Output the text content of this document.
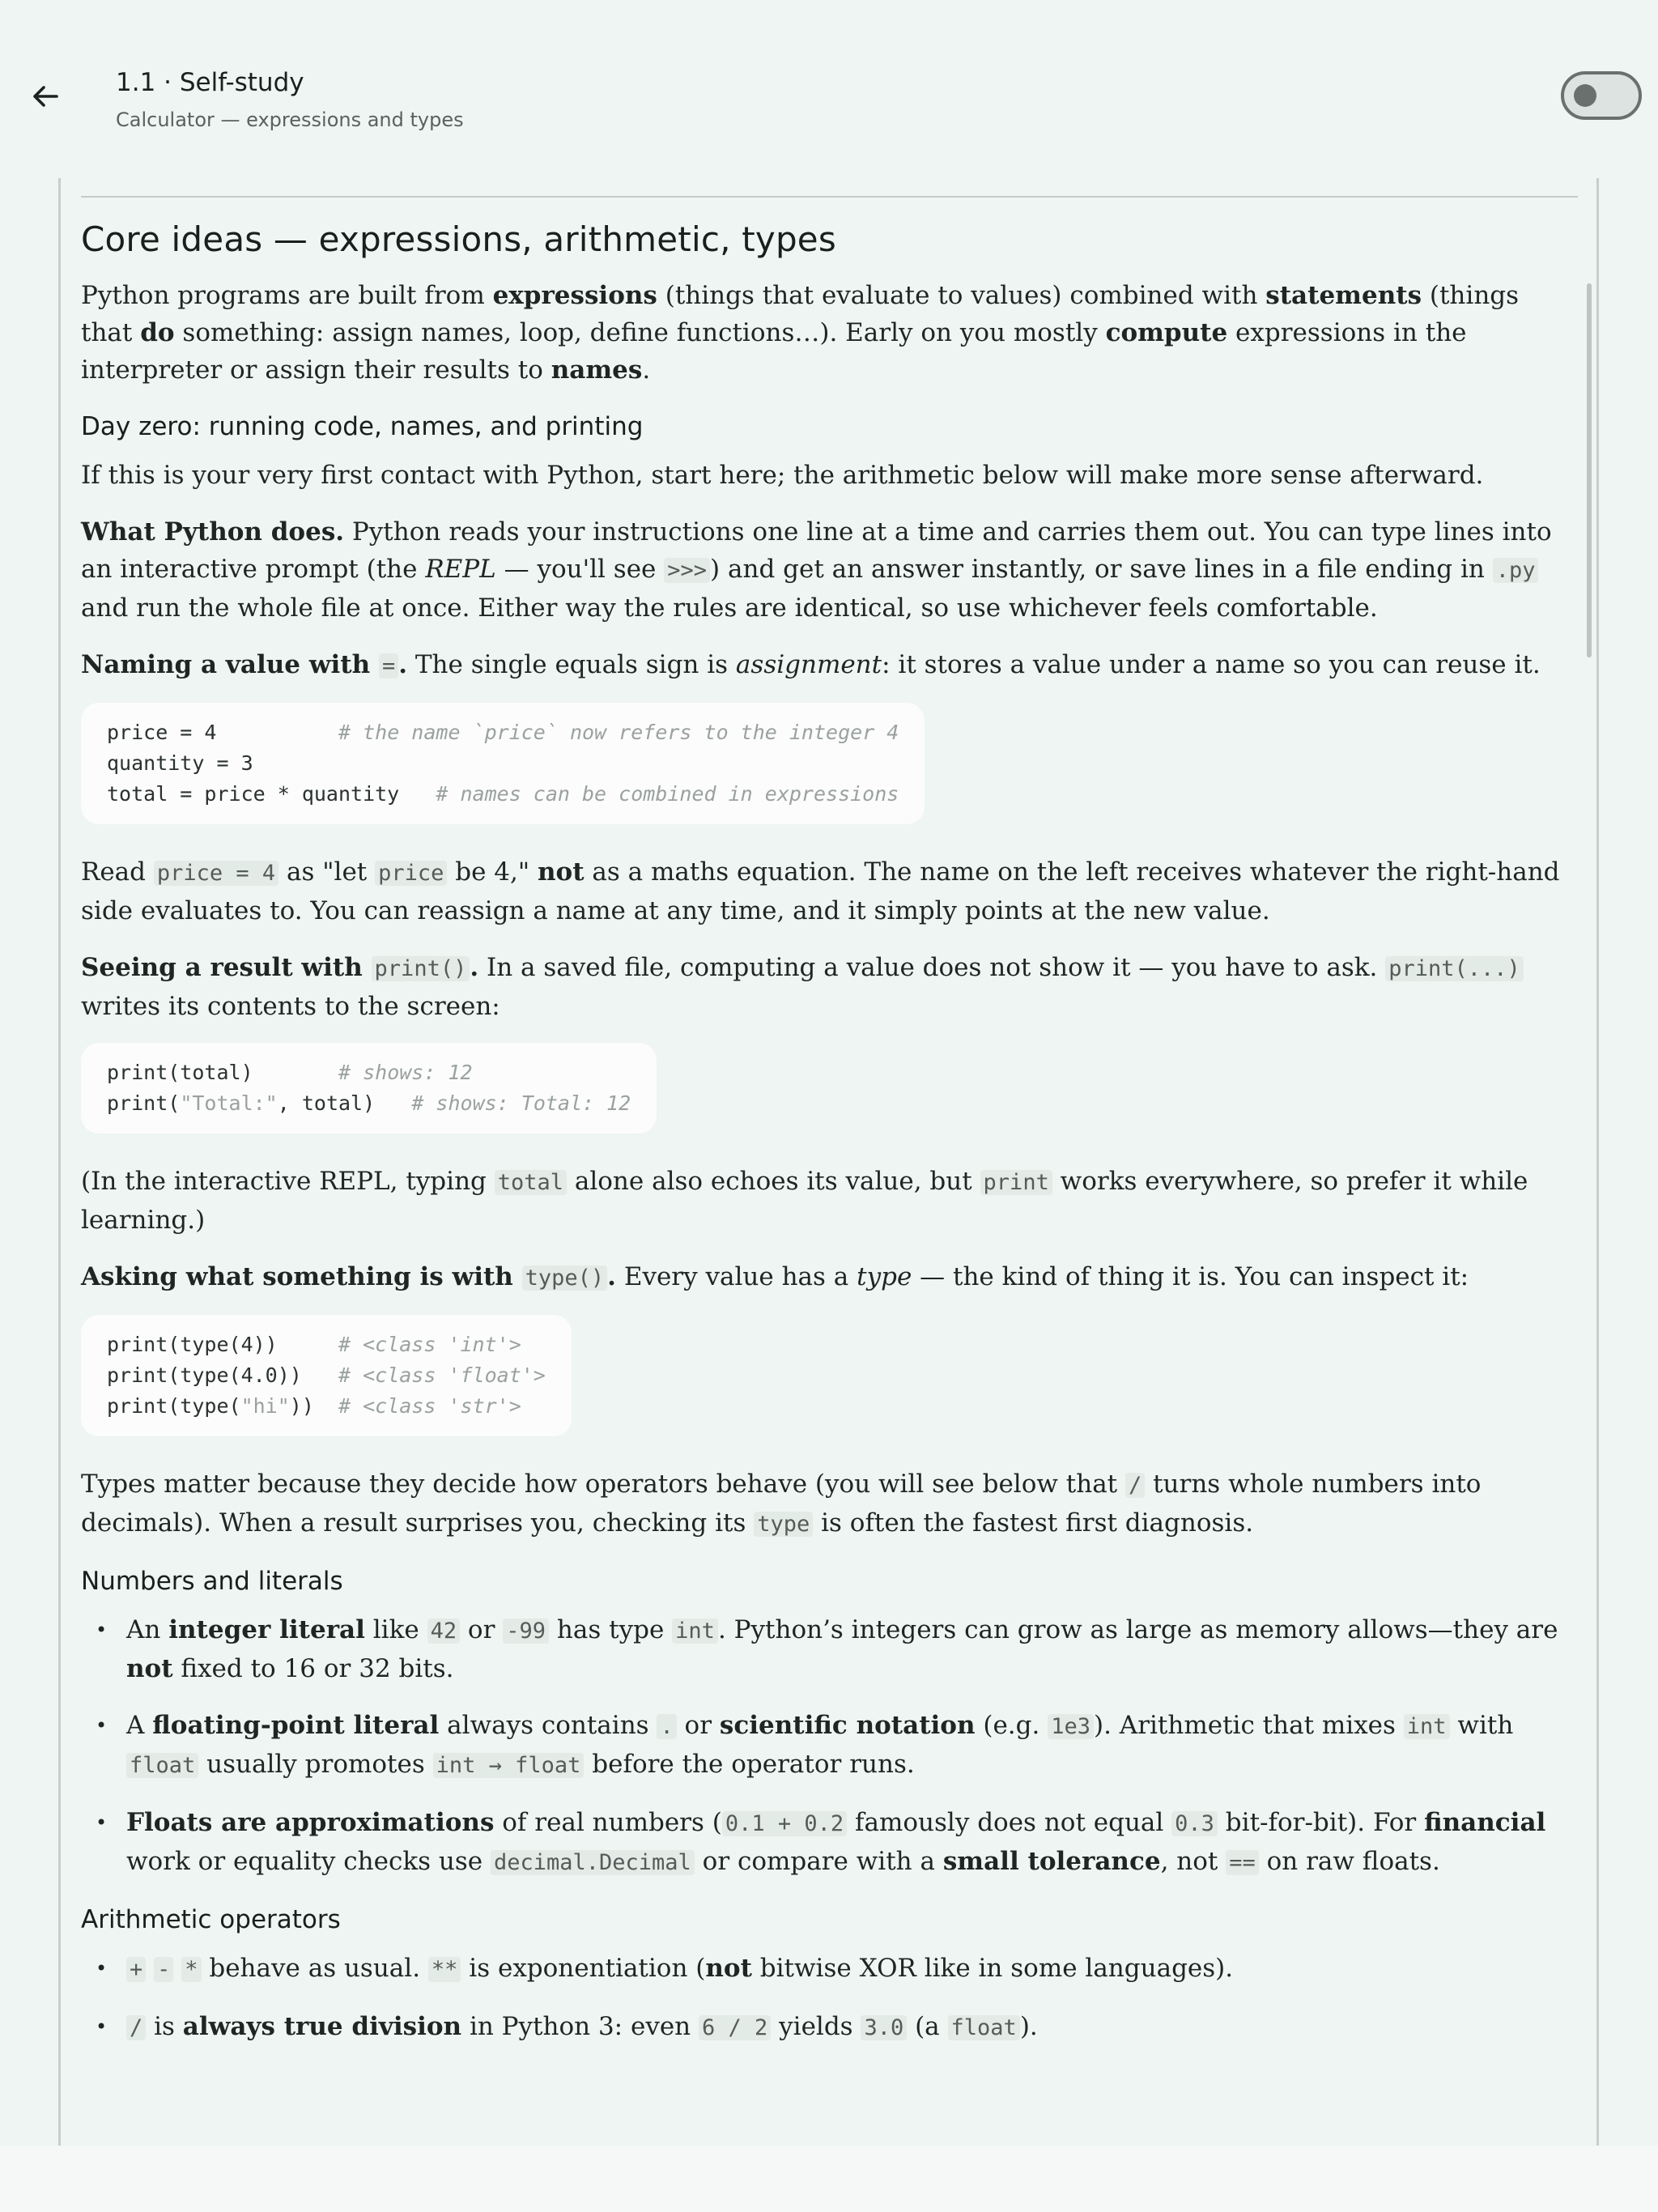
1.1 · Self-study
Calculator — expressions and types
Core ideas — expressions, arithmetic, types

Python programs are built from expressions (things that evaluate to values) combined with statements (things that do something: assign names, loop, define functions…). Early on you mostly compute expressions in the interpreter or assign their results to names.

Day zero: running code, names, and printing

If this is your very first contact with Python, start here; the arithmetic below will make more sense afterward.

What Python does. Python reads your instructions one line at a time and carries them out. You can type lines into an interactive prompt (the REPL — you'll see >>> ) and get an answer instantly, or save lines in a file ending in .py and run the whole file at once. Either way the rules are identical, so use whichever feels comfortable.

Naming a value with = . The single equals sign is assignment: it stores a value under a name so you can reuse it.

price = 4          # the name `price` now refers to the integer 4
quantity = 3
total = price * quantity   # names can be combined in expressions

Read price = 4 as "let price be 4," not as a maths equation. The name on the left receives whatever the right-hand side evaluates to. You can reassign a name at any time, and it simply points at the new value.

Seeing a result with print() . In a saved file, computing a value does not show it — you have to ask. print(...) writes its contents to the screen:

print(total)       # shows: 12
print("Total:", total)   # shows: Total: 12

(In the interactive REPL, typing total alone also echoes its value, but print works everywhere, so prefer it while learning.)

Asking what something is with type() . Every value has a type — the kind of thing it is. You can inspect it:

print(type(4))     # <class 'int'>
print(type(4.0))   # <class 'float'>
print(type("hi"))  # <class 'str'>

Types matter because they decide how operators behave (you will see below that / turns whole numbers into decimals). When a result surprises you, checking its type is often the fastest first diagnosis.

Numbers and literals
• An integer literal like 42 or -99 has type int . Python’s integers can grow as large as memory allows—they are not fixed to 16 or 32 bits.
• A floating-point literal always contains . or scientific notation (e.g. 1e3 ). Arithmetic that mixes int with float usually promotes int → float before the operator runs.
• Floats are approximations of real numbers ( 0.1 + 0.2 famously does not equal 0.3 bit-for-bit). For financial work or equality checks use decimal.Decimal or compare with a small tolerance, not == on raw floats.
Arithmetic operators
• + - * behave as usual. ** is exponentiation (not bitwise XOR like in some languages).
• / is always true division in Python 3: even 6 / 2 yields 3.0 (a float ).
